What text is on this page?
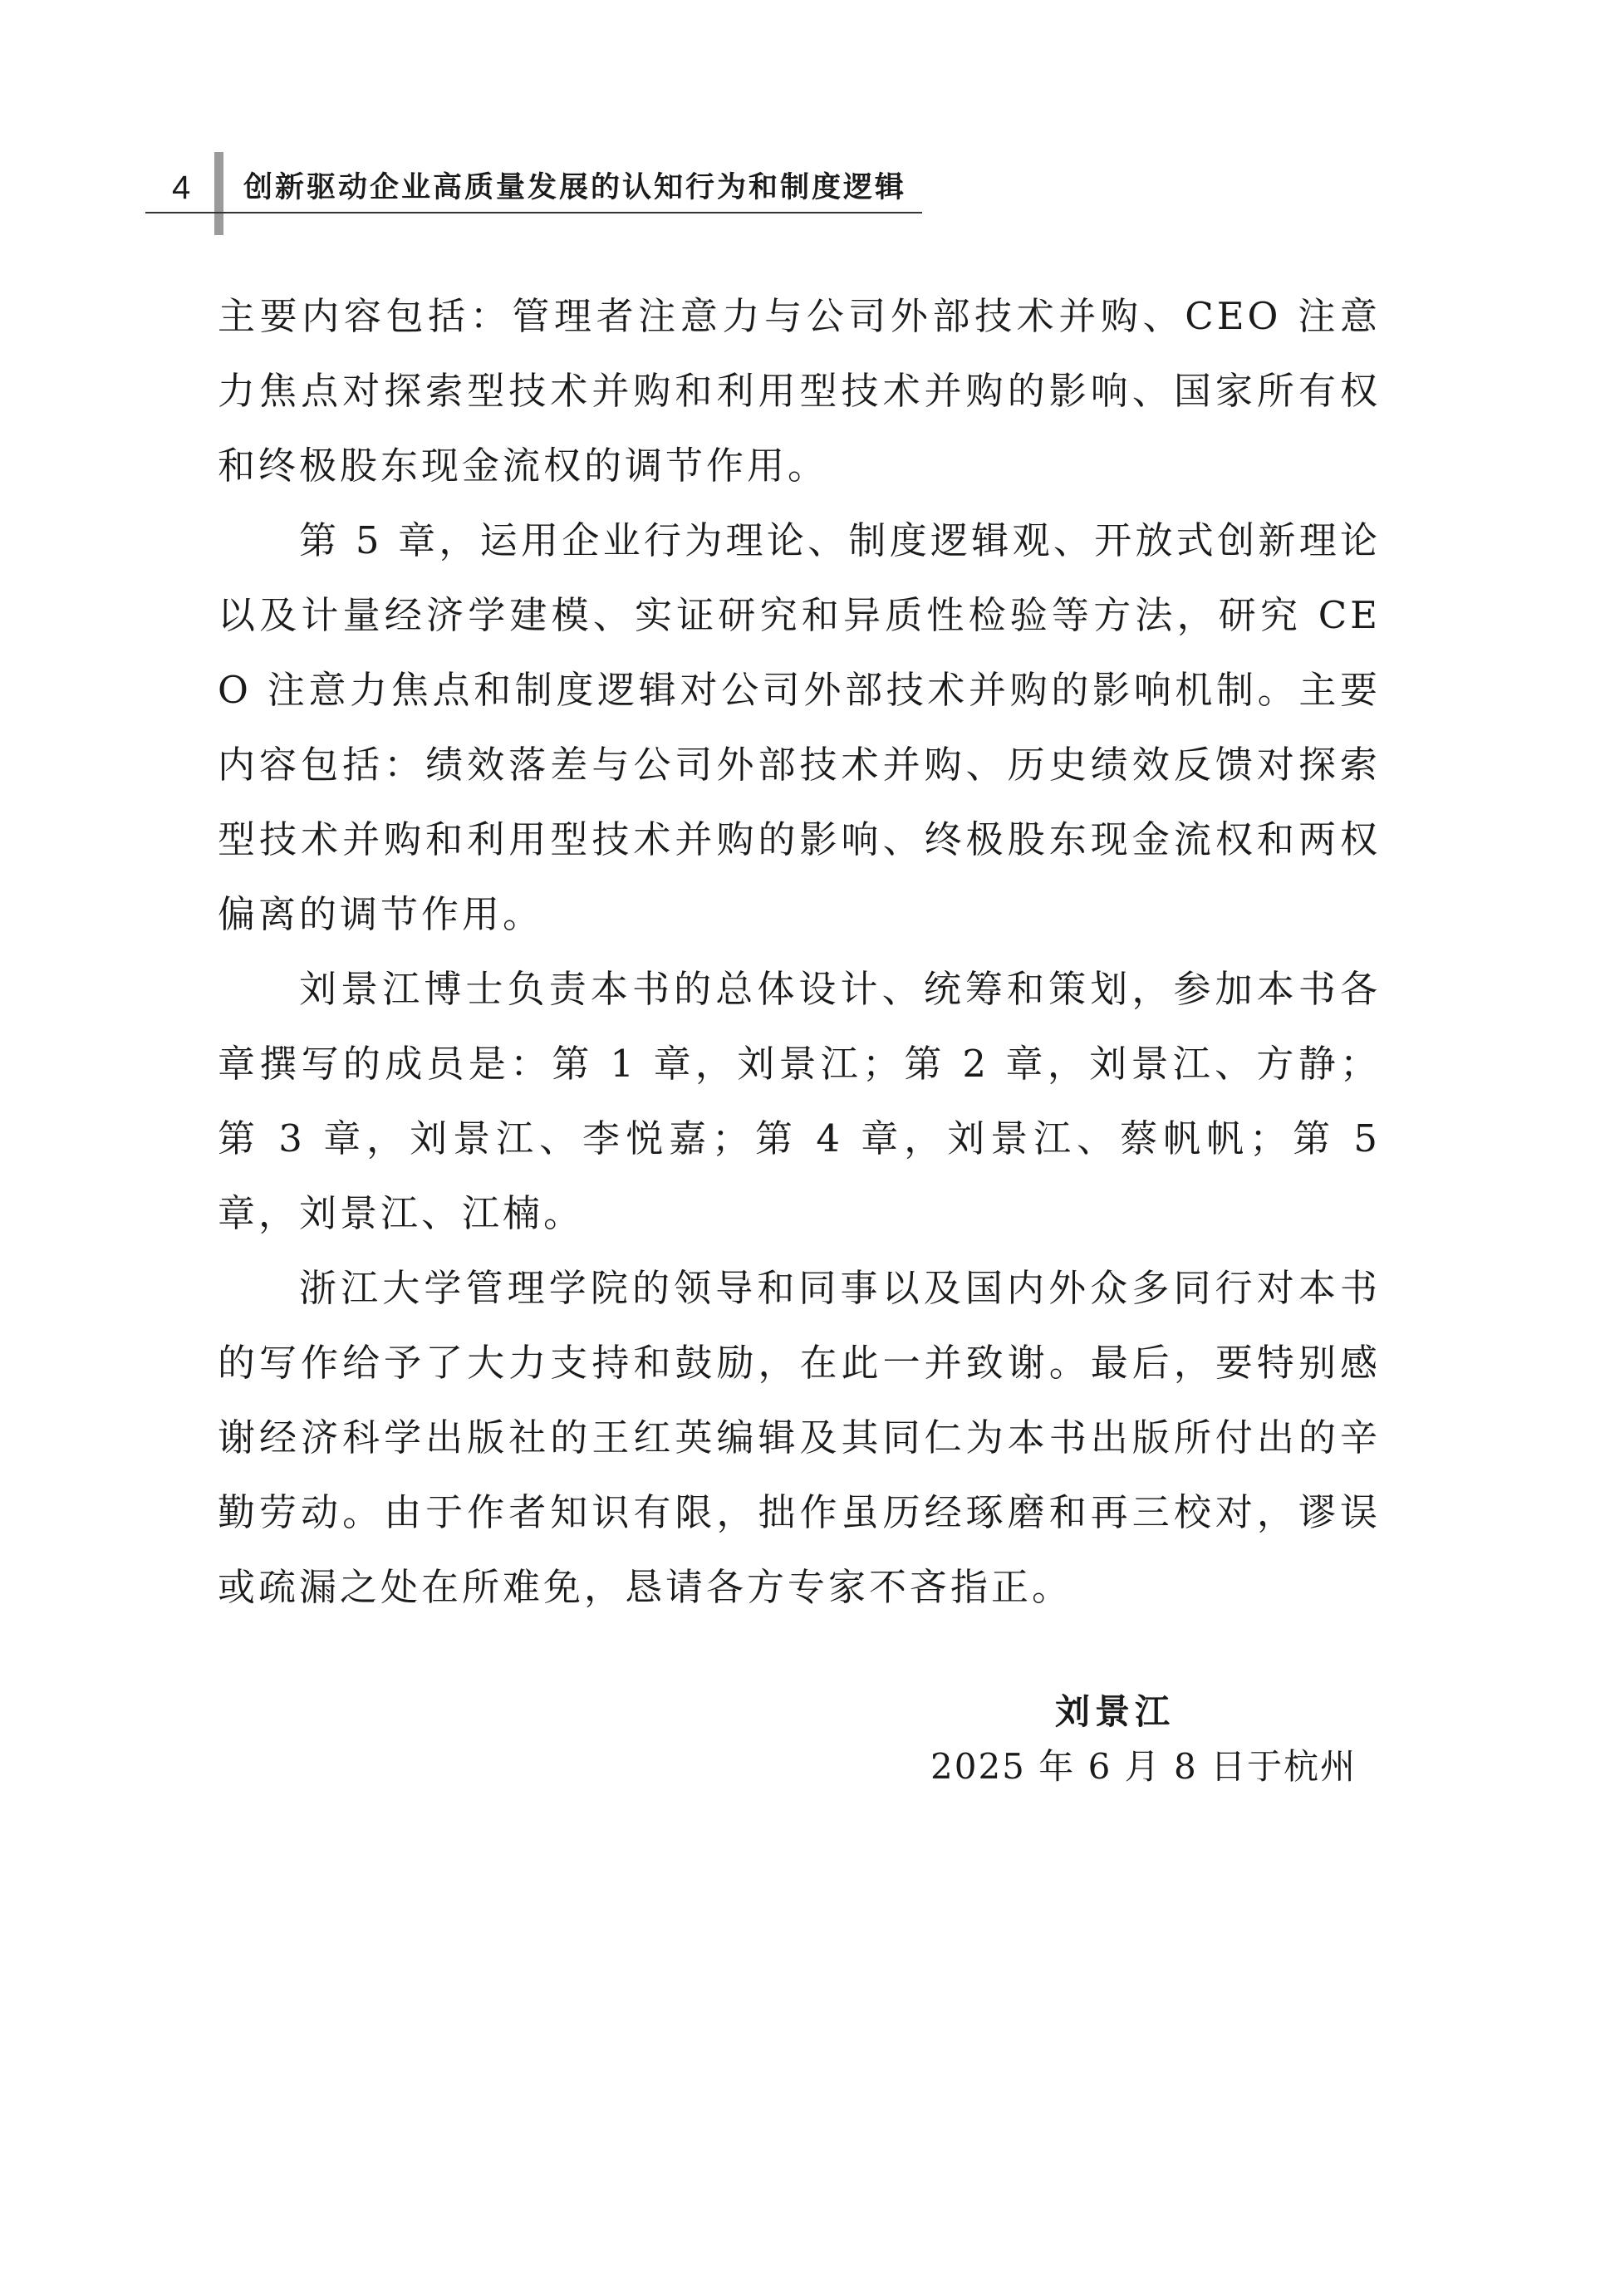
4 创新驱动企业高质量发展的认知行为和制度逻辑

主要内容包括：管理者注意力与公司外部技术并购、CEO 注意力焦点对探索型技术并购和利用型技术并购的影响、国家所有权和终极股东现金流权的调节作用。

第 5 章，运用企业行为理论、制度逻辑观、开放式创新理论以及计量经济学建模、实证研究和异质性检验等方法，研究 CEO 注意力焦点和制度逻辑对公司外部技术并购的影响机制。主要内容包括：绩效落差与公司外部技术并购、历史绩效反馈对探索型技术并购和利用型技术并购的影响、终极股东现金流权和两权偏离的调节作用。

刘景江博士负责本书的总体设计、统筹和策划，参加本书各章撰写的成员是：第 1 章，刘景江；第 2 章，刘景江、方静；第 3 章，刘景江、李悦嘉；第 4 章，刘景江、蔡帆帆；第 5 章，刘景江、江楠。

浙江大学管理学院的领导和同事以及国内外众多同行对本书的写作给予了大力支持和鼓励，在此一并致谢。最后，要特别感谢经济科学出版社的王红英编辑及其同仁为本书出版所付出的辛勤劳动。由于作者知识有限，拙作虽历经琢磨和再三校对，谬误或疏漏之处在所难免，恳请各方专家不吝指正。

刘景江
2025 年 6 月 8 日于杭州
